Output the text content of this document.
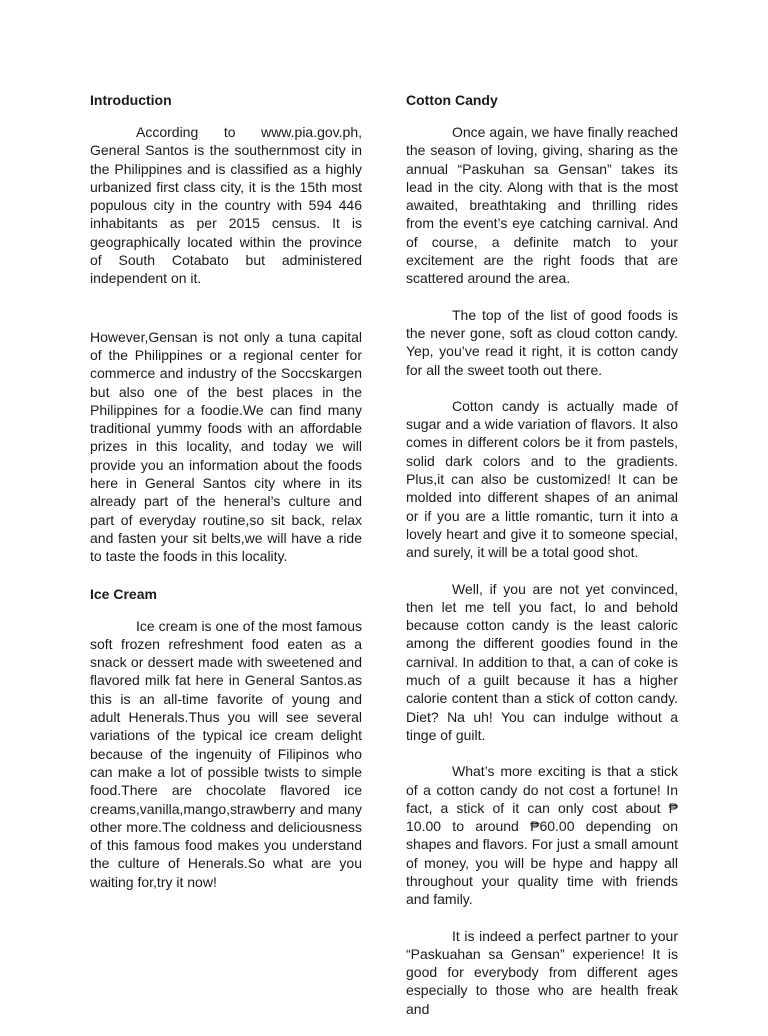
Introduction

According to www.pia.gov.ph, General Santos is the southernmost city in the Philippines and is classified as a highly urbanized first class city, it is the 15th most populous city in the country with 594 446 inhabitants as per 2015 census. It is geographically located within the province of South Cotabato but administered independent on it.

However,Gensan is not only a tuna capital of the Philippines or a regional center for commerce and industry of the Soccskargen but also one of the best places in the Philippines for a foodie.We can find many traditional yummy foods with an affordable prizes in this locality, and today we will provide you an information about the foods here in General Santos city where in its already part of the heneral’s culture and part of everyday routine,so sit back, relax and fasten your sit belts,we will have a ride to taste the foods in this locality.

Ice Cream

Ice cream is one of the most famous soft frozen refreshment food eaten as a snack or dessert made with sweetened and flavored milk fat here in General Santos.as this is an all-time favorite of young and adult Henerals.Thus you will see several variations of the typical ice cream delight because of the ingenuity of Filipinos who can make a lot of possible twists to simple food.There are chocolate flavored ice creams,vanilla,mango,strawberry and many other more.The coldness and deliciousness of this famous food makes you understand the culture of Henerals.So what are you waiting for,try it now!

Cotton Candy

Once again, we have finally reached the season of loving, giving, sharing as the annual “Paskuhan sa Gensan” takes its lead in the city. Along with that is the most awaited, breathtaking and thrilling rides from the event’s eye catching carnival. And of course, a definite match to your excitement are the right foods that are scattered around the area.

The top of the list of good foods is the never gone, soft as cloud cotton candy. Yep, you’ve read it right, it is cotton candy for all the sweet tooth out there.

Cotton candy is actually made of sugar and a wide variation of flavors. It also comes in different colors be it from pastels, solid dark colors and to the gradients. Plus,it can also be customized! It can be molded into different shapes of an animal or if you are a little romantic, turn it into a lovely heart and give it to someone special, and surely, it will be a total good shot.

Well, if you are not yet convinced, then let me tell you fact, lo and behold because cotton candy is the least caloric among the different goodies found in the carnival. In addition to that, a can of coke is much of a guilt because it has a higher calorie content than a stick of cotton candy. Diet? Na uh! You can indulge without a tinge of guilt.

What’s more exciting is that a stick of a cotton candy do not cost a fortune! In fact, a stick of it can only cost about ₱ 10.00 to around ₱60.00 depending on shapes and flavors. For just a small amount of money, you will be hype and happy all throughout your quality time with friends and family.

It is indeed a perfect partner to your “Paskuahan sa Gensan” experience! It is good for everybody from different ages especially to those who are health freak and
